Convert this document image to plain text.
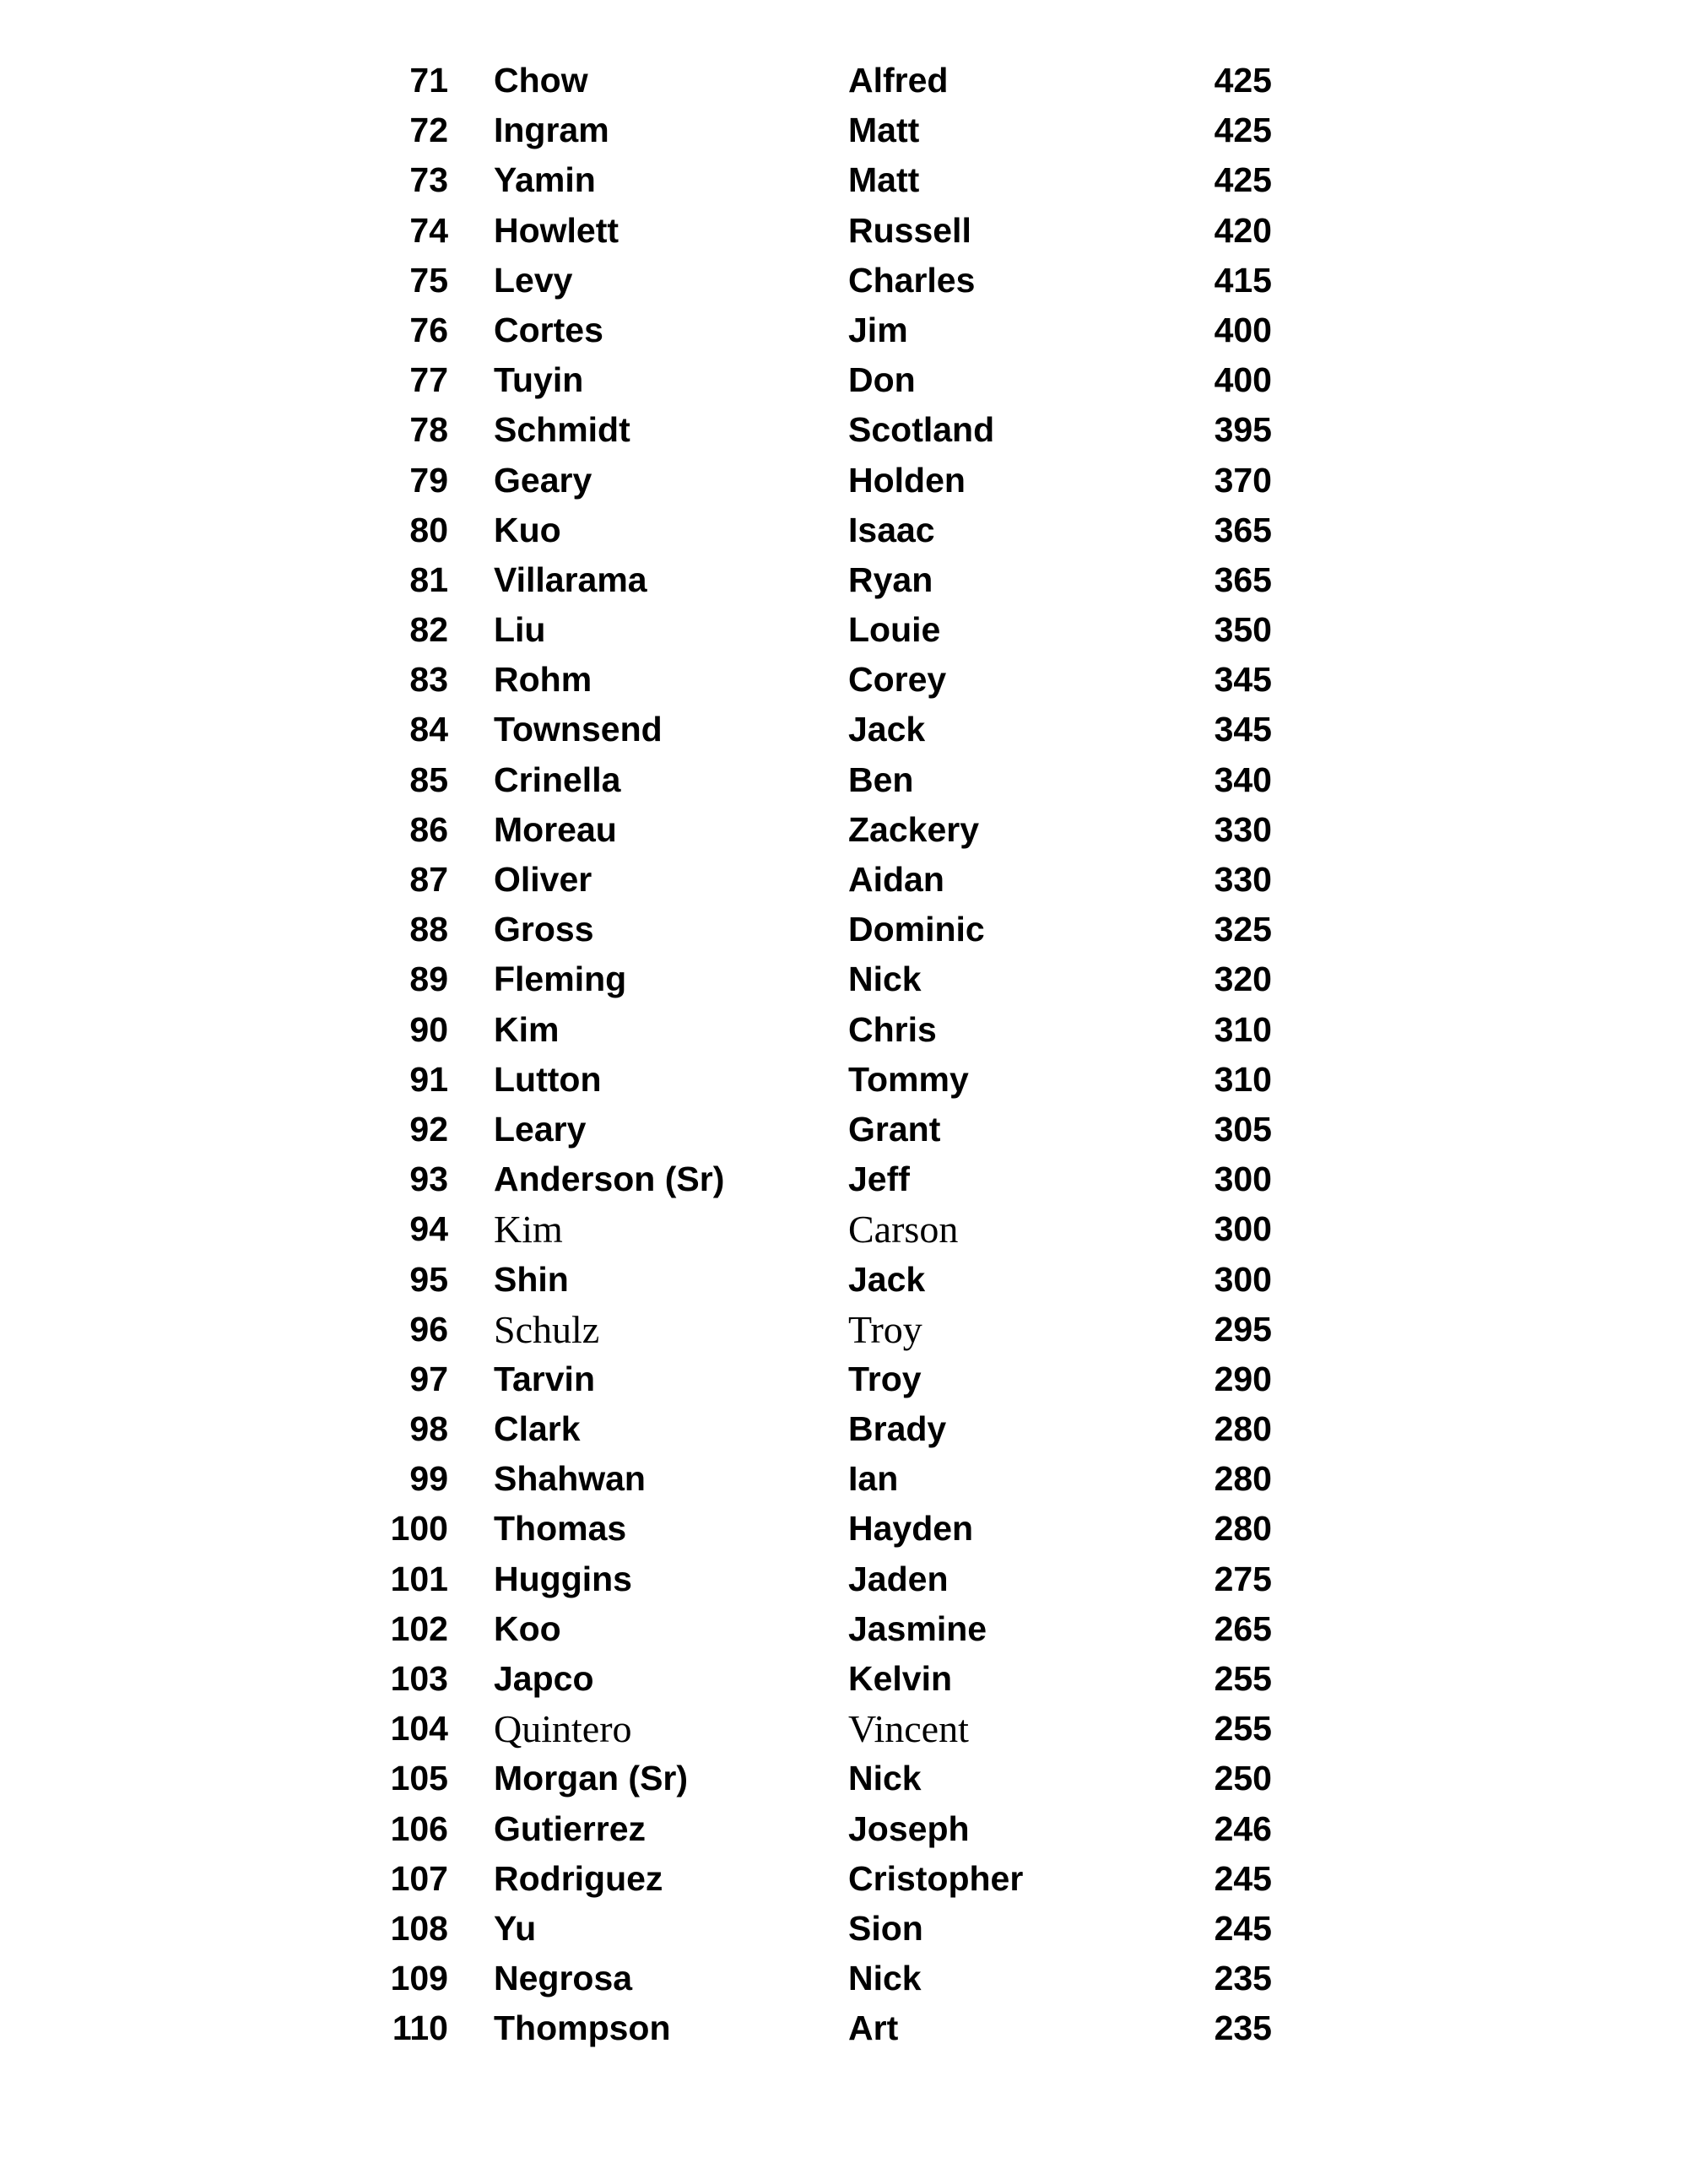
71 Chow	Alfred	425
72 Ingram	Matt	425
73 Yamin	Matt	425
74 Howlett	Russell	420
75 Levy	Charles	415
76 Cortes	Jim	400
77 Tuyin	Don	400
78 Schmidt	Scotland	395
79 Geary	Holden	370
80 Kuo	Isaac	365
81 Villarama	Ryan	365
82 Liu	Louie	350
83 Rohm	Corey	345
84 Townsend	Jack	345
85 Crinella	Ben	340
86 Moreau	Zackery	330
87 Oliver	Aidan	330
88 Gross	Dominic	325
89 Fleming	Nick	320
90 Kim	Chris	310
91 Lutton	Tommy	310
92 Leary	Grant	305
93 Anderson (Sr)	Jeff	300
94 Kim	Carson	300
95 Shin	Jack	300
96 Schulz	Troy	295
97 Tarvin	Troy	290
98 Clark	Brady	280
99 Shahwan	Ian	280
100 Thomas	Hayden	280
101 Huggins	Jaden	275
102 Koo	Jasmine	265
103 Japco	Kelvin	255
104 Quintero	Vincent	255
105 Morgan (Sr)	Nick	250
106 Gutierrez	Joseph	246
107 Rodriguez	Cristopher	245
108 Yu	Sion	245
109 Negrosa	Nick	235
110 Thompson	Art	235
